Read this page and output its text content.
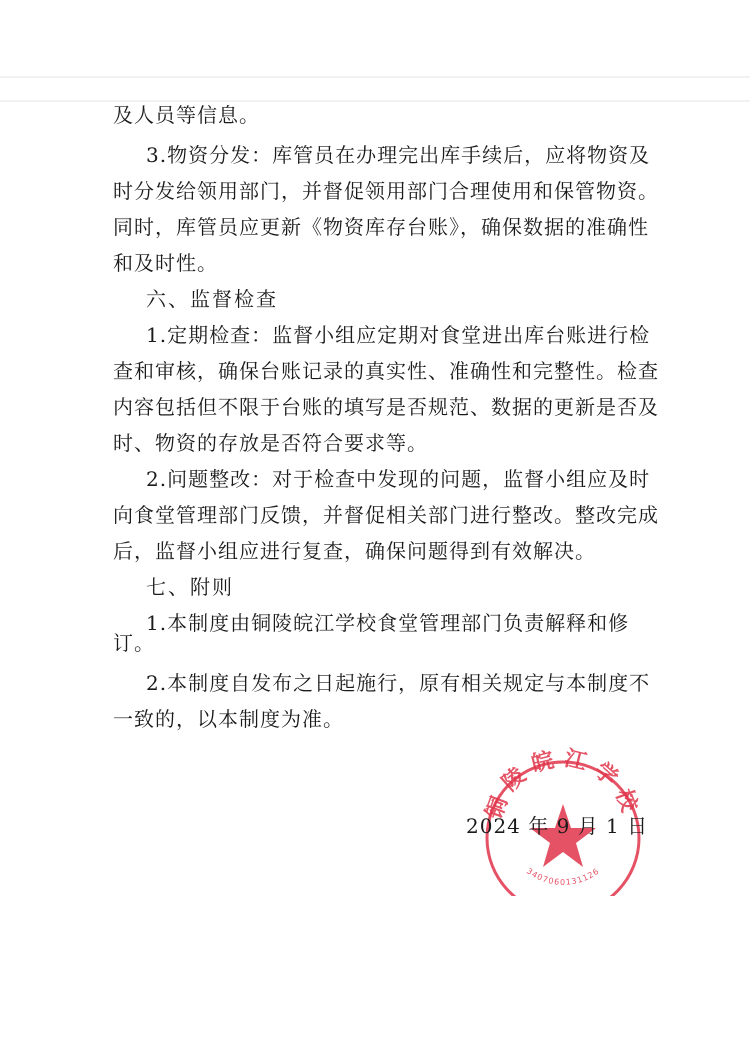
及人员等信息。
3.物资分发：库管员在办理完出库手续后，应将物资及
时分发给领用部门，并督促领用部门合理使用和保管物资。
同时，库管员应更新《物资库存台账》，确保数据的准确性
和及时性。
六、监督检查
1.定期检查：监督小组应定期对食堂进出库台账进行检
查和审核，确保台账记录的真实性、准确性和完整性。检查
内容包括但不限于台账的填写是否规范、数据的更新是否及
时、物资的存放是否符合要求等。
2.问题整改：对于检查中发现的问题，监督小组应及时
向食堂管理部门反馈，并督促相关部门进行整改。整改完成
后，监督小组应进行复查，确保问题得到有效解决。
七、附则
1.本制度由铜陵皖江学校食堂管理部门负责解释和修
订。
2.本制度自发布之日起施行，原有相关规定与本制度不
一致的，以本制度为准。
铜陵皖江学校
3407060131126
2024 年 9 月 1 日
